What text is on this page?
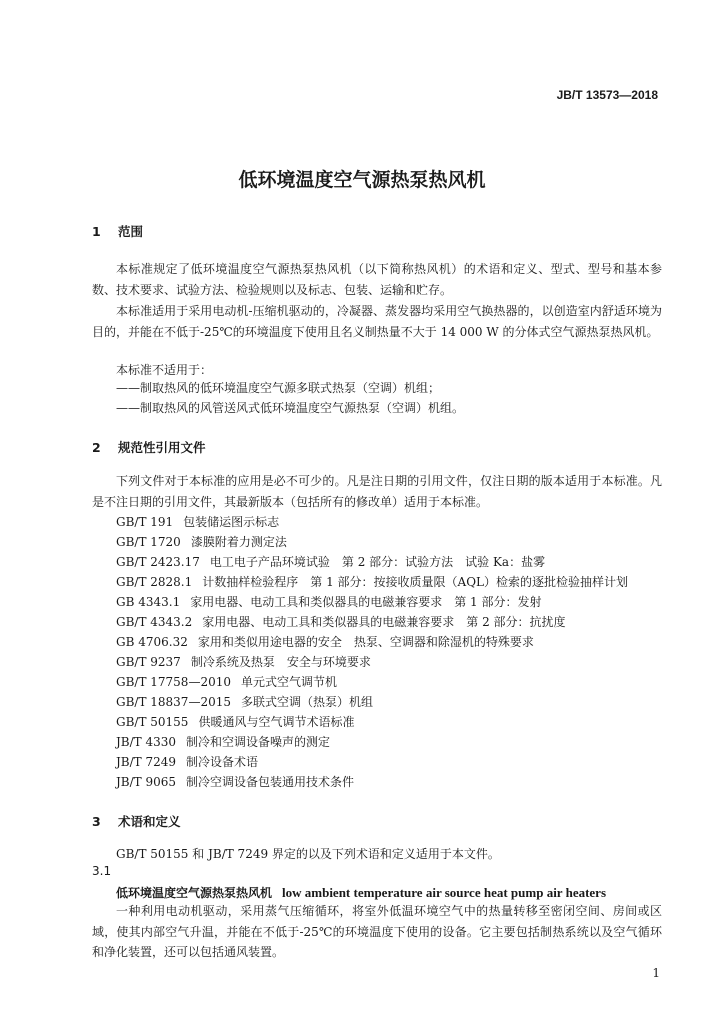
JB/T 13573—2018
低环境温度空气源热泵热风机
1 范围
本标准规定了低环境温度空气源热泵热风机（以下简称热风机）的术语和定义、型式、型号和基本参数、技术要求、试验方法、检验规则以及标志、包装、运输和贮存。
本标准适用于采用电动机-压缩机驱动的，冷凝器、蒸发器均采用空气换热器的，以创造室内舒适环境为目的，并能在不低于-25℃的环境温度下使用且名义制热量不大于 14 000 W 的分体式空气源热泵热风机。
本标准不适用于：
——制取热风的低环境温度空气源多联式热泵（空调）机组；
——制取热风的风管送风式低环境温度空气源热泵（空调）机组。
2 规范性引用文件
下列文件对于本标准的应用是必不可少的。凡是注日期的引用文件，仅注日期的版本适用于本标准。凡是不注日期的引用文件，其最新版本（包括所有的修改单）适用于本标准。
GB/T 191 包装储运图示标志
GB/T 1720 漆膜附着力测定法
GB/T 2423.17 电工电子产品环境试验　第 2 部分：试验方法　试验 Ka：盐雾
GB/T 2828.1 计数抽样检验程序　第 1 部分：按接收质量限（AQL）检索的逐批检验抽样计划
GB 4343.1 家用电器、电动工具和类似器具的电磁兼容要求　第 1 部分：发射
GB/T 4343.2 家用电器、电动工具和类似器具的电磁兼容要求　第 2 部分：抗扰度
GB 4706.32 家用和类似用途电器的安全　热泵、空调器和除湿机的特殊要求
GB/T 9237 制冷系统及热泵　安全与环境要求
GB/T 17758—2010 单元式空气调节机
GB/T 18837—2015 多联式空调（热泵）机组
GB/T 50155 供暖通风与空气调节术语标准
JB/T 4330 制冷和空调设备噪声的测定
JB/T 7249 制冷设备术语
JB/T 9065 制冷空调设备包装通用技术条件
3 术语和定义
GB/T 50155 和 JB/T 7249 界定的以及下列术语和定义适用于本文件。
3.1
低环境温度空气源热泵热风机 low ambient temperature air source heat pump air heaters
一种利用电动机驱动，采用蒸气压缩循环，将室外低温环境空气中的热量转移至密闭空间、房间或区域，使其内部空气升温，并能在不低于-25℃的环境温度下使用的设备。它主要包括制热系统以及空气循环和净化装置，还可以包括通风装置。
1
